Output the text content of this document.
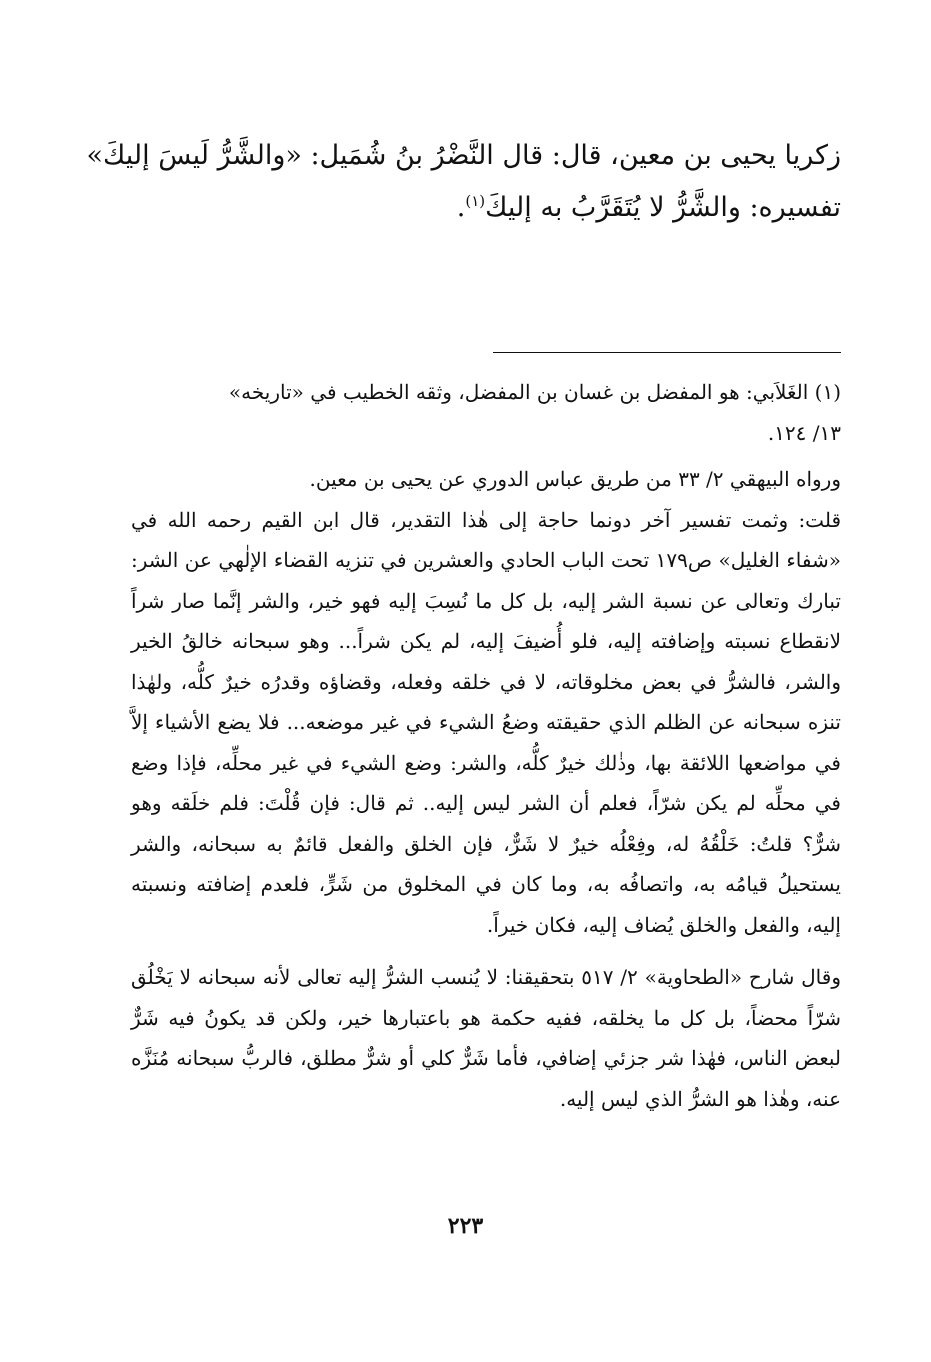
زكريا يحيى بن معين، قال: قال النَّضْرُ بنُ شُمَيل: «والشَّرُّ لَيسَ إليكَ»
تفسيره: والشَّرُّ لا يُتَقَرَّبُ به إليكَ$^{(١)}$.

(١) الغَلاَبي: هو المفضل بن غسان بن المفضل، وثقه الخطيب في «تاريخه»

١٣/ ١٢٤.

ورواه البيهقي ٢/ ٣٣ من طريق عباس الدوري عن يحيى بن معين.

قلت: وثمت تفسير آخر دونما حاجة إلى هٰذا التقدير، قال ابن القيم رحمه الله في «شفاء الغليل» ص١٧٩ تحت الباب الحادي والعشرين في تنزيه القضاء الإلٰهي عن الشر: تبارك وتعالى عن نسبة الشر إليه، بل كل ما نُسِبَ إليه فهو خير، والشر إنَّما صار شراً لانقطاع نسبته وإضافته إليه، فلو أُضيفَ إليه، لم يكن شراً... وهو سبحانه خالقُ الخير والشر، فالشرُّ في بعض مخلوقاته، لا في خلقه وفعله، وقضاؤه وقدرُه خيرٌ كلُّه، ولهٰذا تنزه سبحانه عن الظلم الذي حقيقته وضعُ الشيء في غير موضعه... فلا يضع الأشياء إلاَّ في مواضعها اللائقة بها، وذٰلك خيرٌ كلُّه، والشر: وضع الشيء في غير محلِّه، فإذا وضع في محلِّه لم يكن شرّاً، فعلم أن الشر ليس إليه.. ثم قال: فإن قُلْتَ: فلم خلَقه وهو شرٌّ؟ قلتُ: خَلْقُهُ له، وفِعْلُه خيرٌ لا شَرٌّ، فإن الخلق والفعل قائمٌ به سبحانه، والشر يستحيلُ قيامُه به، واتصافُه به، وما كان في المخلوق من شَرٍّ، فلعدم إضافته ونسبته إليه، والفعل والخلق يُضاف إليه، فكان خيراً.

وقال شارح «الطحاوية» ٢/ ٥١٧ بتحقيقنا: لا يُنسب الشرُّ إليه تعالى لأنه سبحانه لا يَخْلُق شرّاً محضاً، بل كل ما يخلقه، ففيه حكمة هو باعتبارها خير، ولكن قد يكونُ فيه شَرٌّ لبعض الناس، فهٰذا شر جزئي إضافي، فأما شَرٌّ كلي أو شرٌّ مطلق، فالربُّ سبحانه مُنَزَّه عنه، وهٰذا هو الشرُّ الذي ليس إليه.

٢٢٣
